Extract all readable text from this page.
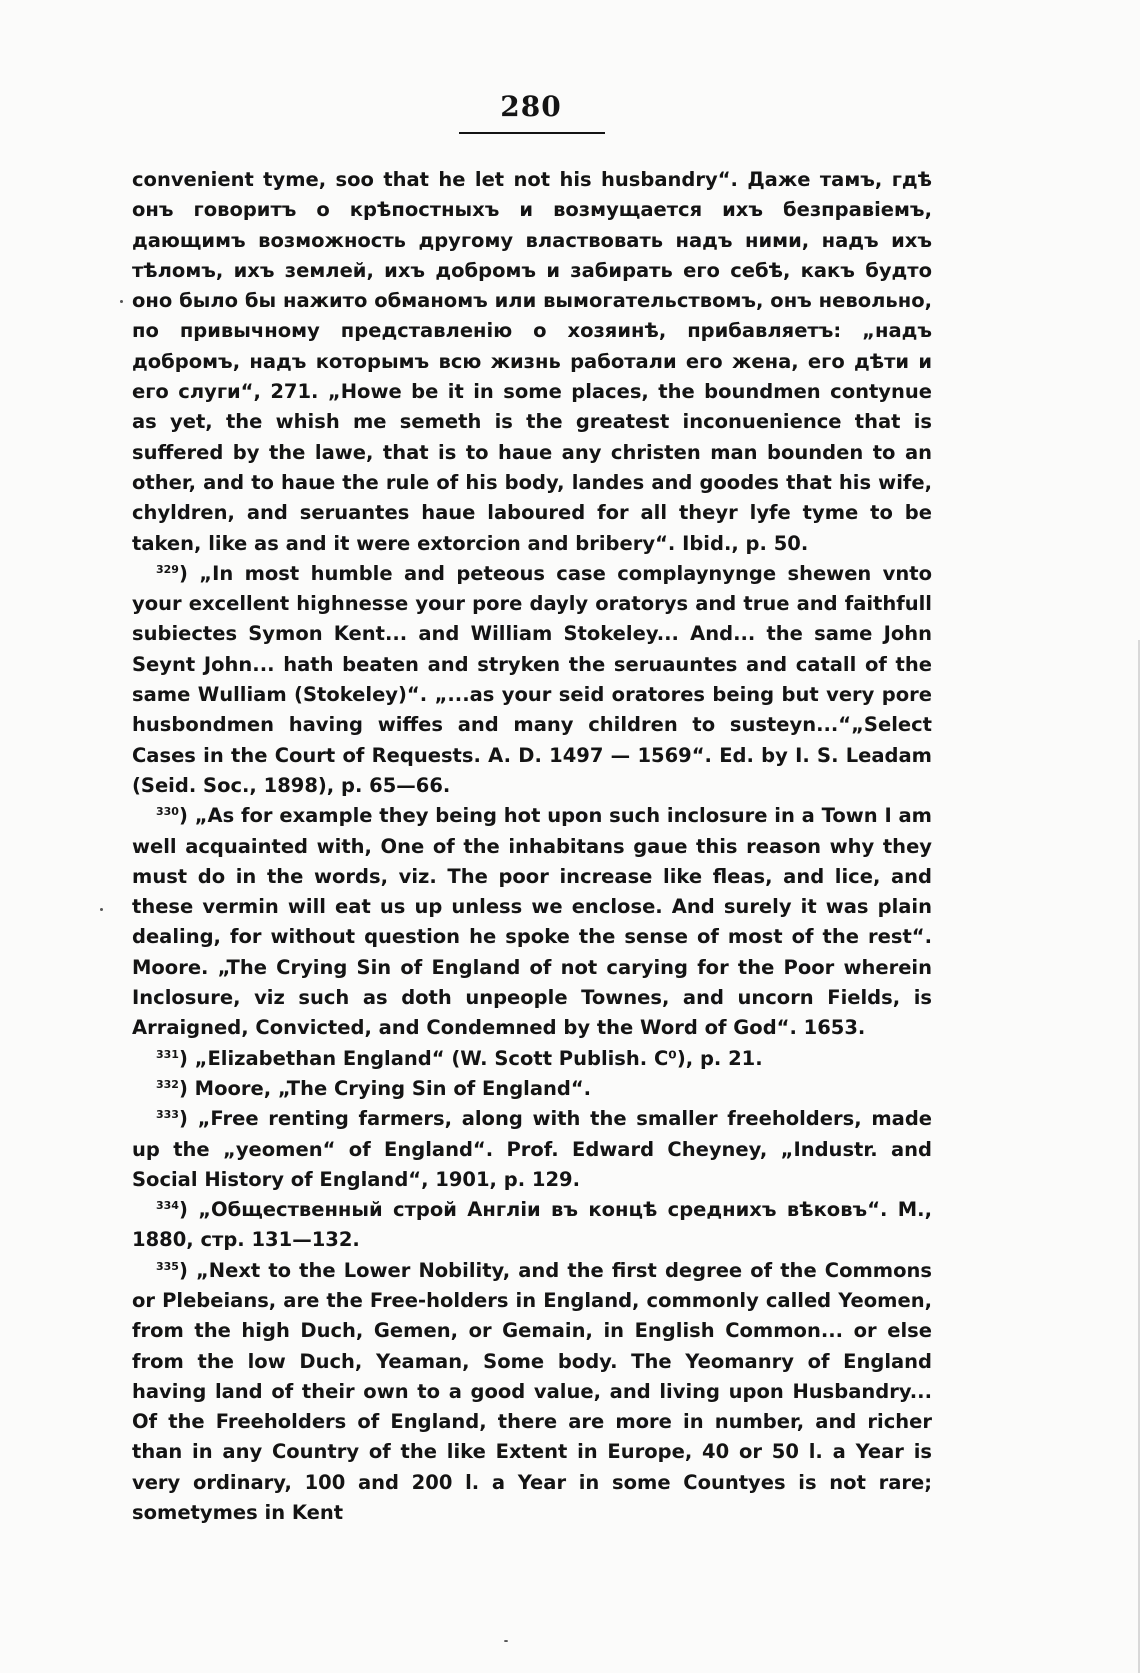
280

convenient tyme, soo that he let not his husbandry“. Даже тамъ, гдѣ онъ говоритъ о крѣпостныхъ и возмущается ихъ безправіемъ, дающимъ возможность другому властвовать надъ ними, надъ ихъ тѣломъ, ихъ землей, ихъ добромъ и забирать его себѣ, какъ будто оно было бы нажито обманомъ или вымогательствомъ, онъ невольно, по привычному представленію о хозяинѣ, прибавляетъ: „надъ добромъ, надъ которымъ всю жизнь работали его жена, его дѣти и его слуги“, 271. „Howe be it in some places, the boundmen contynue as yet, the whish me semeth is the greatest inconuenience that is suffered by the lawe, that is to haue any christen man bounden to an other, and to haue the rule of his body, landes and goodes that his wife, chyldren, and seruantes haue laboured for all theyr lyfe tyme to be taken, like as and it were extorcion and bribery“. Ibid., p. 50.

$^{329}$) „In most humble and peteous case complaynynge shewen vnto your excellent highnesse your pore dayly oratorys and true and faithfull subiectes Symon Kent... and William Stokeley... And... the same John Seynt John... hath beaten and stryken the seruauntes and catall of the same Wulliam (Stokeley)“. „...as your seid oratores being but very pore husbondmen having wiffes and many children to susteyn...“„Select Cases in the Court of Requests. A. D. 1497 — 1569“. Ed. by I. S. Leadam (Seid. Soc., 1898), p. 65—66.

$^{330}$) „As for example they being hot upon such inclosure in a Town I am well acquainted with, One of the inhabitans gaue this reason why they must do in the words, viz. The poor increase like fleas, and lice, and these vermin will eat us up unless we enclose. And surely it was plain dealing, for without question he spoke the sense of most of the rest“. Moore. „The Crying Sin of England of not carying for the Poor wherein Inclosure, viz such as doth unpeople Townes, and uncorn Fields, is Arraigned, Convicted, and Condemned by the Word of God“. 1653.

$^{331}$) „Elizabethan England“ (W. Scott Publish. C⁰), p. 21.

$^{332}$) Moore, „The Crying Sin of England“.

$^{333}$) „Free renting farmers, along with the smaller freeholders, made up the „yeomen“ of England“. Prof. Edward Cheyney, „Industr. and Social History of England“, 1901, p. 129.

$^{334}$) „Общественный строй Англіи въ концѣ среднихъ вѣковъ“. M., 1880, стр. 131—132.

$^{335}$) „Next to the Lower Nobility, and the first degree of the Commons or Plebeians, are the Free-holders in England, commonly called Yeomen, from the high Duch, Gemen, or Gemain, in English Common... or else from the low Duch, Yeaman, Some body. The Yeomanry of England having land of their own to a good value, and living upon Husbandry... Of the Freeholders of England, there are more in number, and richer than in any Country of the like Extent in Europe, 40 or 50 l. a Year is very ordinary, 100 and 200 l. a Year in some Countyes is not rare; sometymes in Kent
